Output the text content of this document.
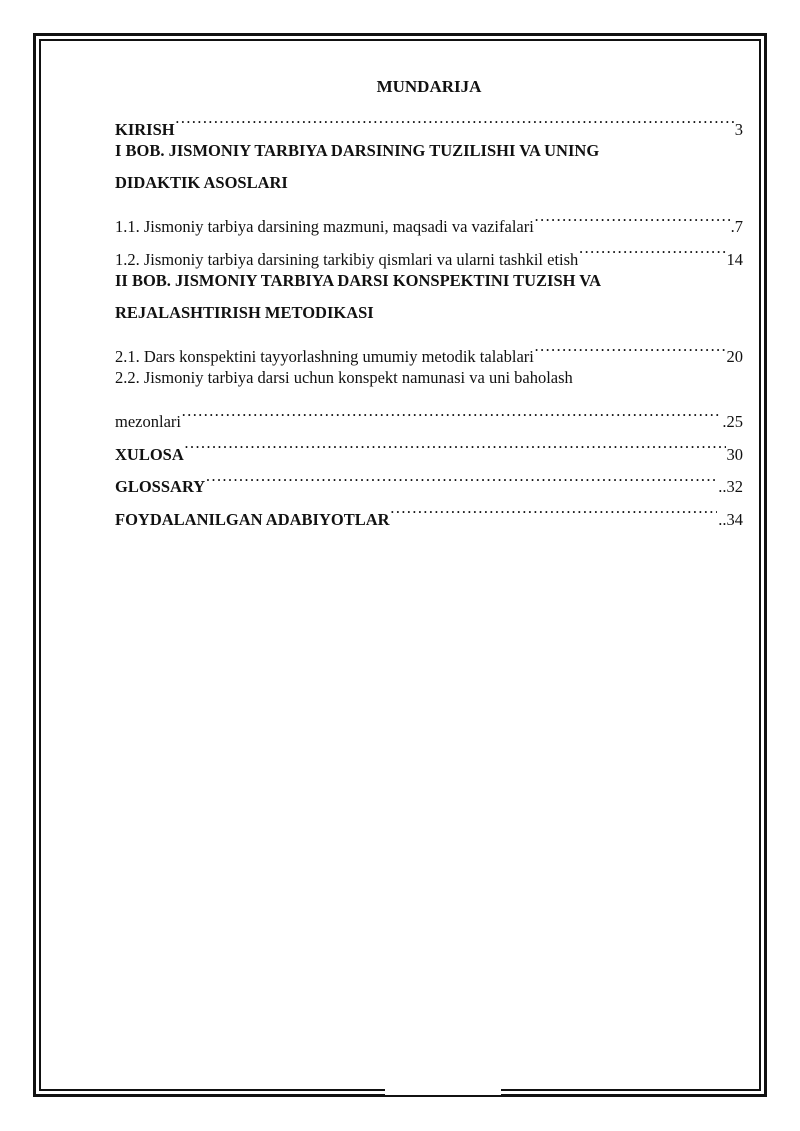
MUNDARIJA
KIRISH …………………………………………………………………………………………………………………………………………………………………………………………………………………………	3
I BOB. JISMONIY TARBIYA DARSINING TUZILISHI VA UNING
DIDAKTIK ASOSLARI
1.1. Jismoniy tarbiya darsining mazmuni, maqsadi va vazifalari …………………………………………………………………………………………………………………………………………………………………………………………………………………………	.7
1.2. Jismoniy tarbiya darsining tarkibiy qismlari va ularni tashkil etish …………………………………………………………………………………………………………………………………………………………………………………………………………………………	14
II BOB. JISMONIY TARBIYA DARSI KONSPEKTINI TUZISH VA
REJALASHTIRISH METODIKASI
2.1. Dars konspektini tayyorlashning umumiy metodik talablari …………………………………………………………………………………………………………………………………………………………………………………………………………………………	20
2.2. Jismoniy tarbiya darsi uchun konspekt namunasi va uni baholash
mezonlari …………………………………………………………………………………………………………………………………………………………………………………………………………………………	.25
XULOSA …………………………………………………………………………………………………………………………………………………………………………………………………………………………	30
GLOSSARY …………………………………………………………………………………………………………………………………………………………………………………………………………………………	..32
FOYDALANILGAN ADABIYOTLAR …………………………………………………………………………………………………………………………………………………………………………………………………………………………	..34
